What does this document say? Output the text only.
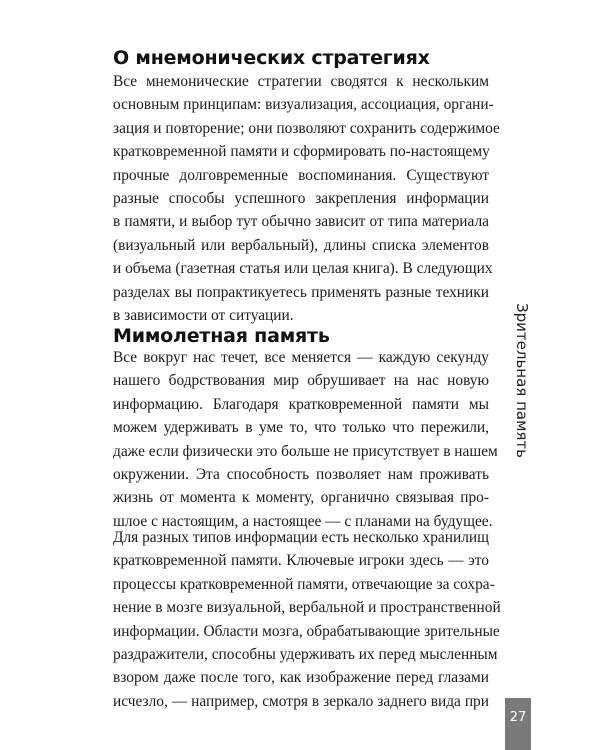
О мнемонических стратегиях
Все мнемонические стратегии сводятся к нескольким
основным принципам: визуализация, ассоциация, органи-
зация и повторение; они позволяют сохранить содержимое
кратковременной памяти и сформировать по-настоящему
прочные долговременные воспоминания. Существуют
разные способы успешного закрепления информации
в памяти, и выбор тут обычно зависит от типа материала
(визуальный или вербальный), длины списка элементов
и объема (газетная статья или целая книга). В следующих
разделах вы попрактикуетесь применять разные техники
в зависимости от ситуации.
Мимолетная память
Все вокруг нас течет, все меняется — каждую секунду
нашего бодрствования мир обрушивает на нас новую
информацию. Благодаря кратковременной памяти мы
можем удерживать в уме то, что только что пережили,
даже если физически это больше не присутствует в нашем
окружении. Эта способность позволяет нам проживать
жизнь от момента к моменту, органично связывая про-
шлое с настоящим, а настоящее — с планами на будущее.
Для разных типов информации есть несколько хранилищ
кратковременной памяти. Ключевые игроки здесь — это
процессы кратковременной памяти, отвечающие за сохра-
нение в мозге визуальной, вербальной и пространственной
информации. Области мозга, обрабатывающие зрительные
раздражители, способны удерживать их перед мысленным
взором даже после того, как изображение перед глазами
исчезло, — например, смотря в зеркало заднего вида при
Зрительная память
27
